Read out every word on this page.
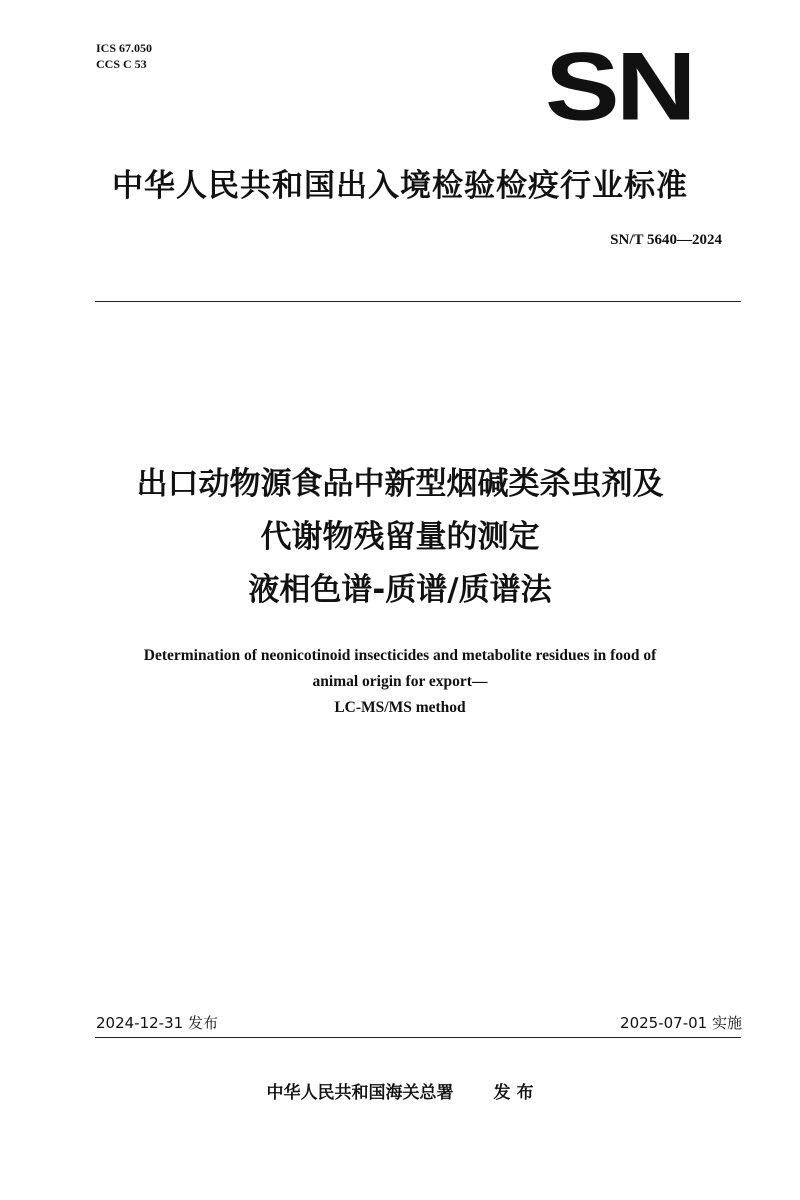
ICS 67.050
CCS C 53	SN
中华人民共和国出入境检验检疫行业标准
SN/T 5640—2024
出口动物源食品中新型烟碱类杀虫剂及
代谢物残留量的测定
液相色谱-质谱/质谱法
Determination of neonicotinoid insecticides and metabolite residues in food of
animal origin for export—
LC-MS/MS method
2024-12-31 发布	2025-07-01 实施
中华人民共和国海关总署 发 布
